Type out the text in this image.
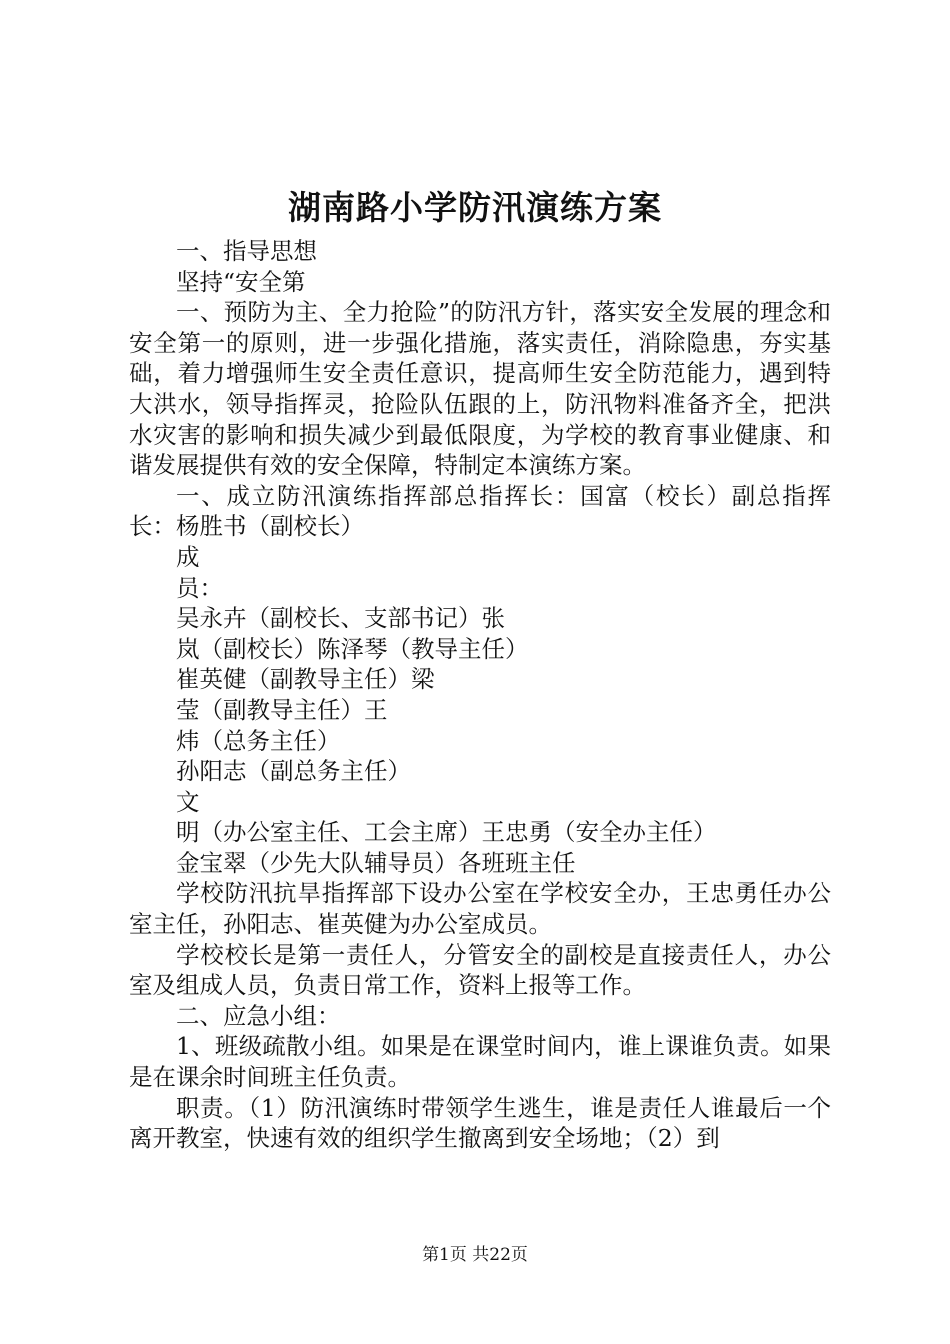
湖南路小学防汛演练方案

一、指导思想

坚持“安全第

一、预防为主、全力抢险”的防汛方针，落实安全发展的理念和安全第一的原则，进一步强化措施，落实责任，消除隐患，夯实基础，着力增强师生安全责任意识，提高师生安全防范能力，遇到特大洪水，领导指挥灵，抢险队伍跟的上，防汛物料准备齐全，把洪水灾害的影响和损失减少到最低限度，为学校的教育事业健康、和谐发展提供有效的安全保障，特制定本演练方案。

一、成立防汛演练指挥部总指挥长：国富（校长）副总指挥长：杨胜书（副校长）

成

员：

吴永卉（副校长、支部书记）张

岚（副校长）陈泽琴（教导主任）

崔英健（副教导主任）梁

莹（副教导主任）王

炜（总务主任）

孙阳志（副总务主任）

文

明（办公室主任、工会主席）王忠勇（安全办主任）

金宝翠（少先大队辅导员）各班班主任

学校防汛抗旱指挥部下设办公室在学校安全办，王忠勇任办公室主任，孙阳志、崔英健为办公室成员。

学校校长是第一责任人，分管安全的副校是直接责任人，办公室及组成人员，负责日常工作，资料上报等工作。

二、应急小组：

1、班级疏散小组。如果是在课堂时间内，谁上课谁负责。如果是在课余时间班主任负责。

职责。（1）防汛演练时带领学生逃生，谁是责任人谁最后一个离开教室，快速有效的组织学生撤离到安全场地；（2）到

第1页 共22页
